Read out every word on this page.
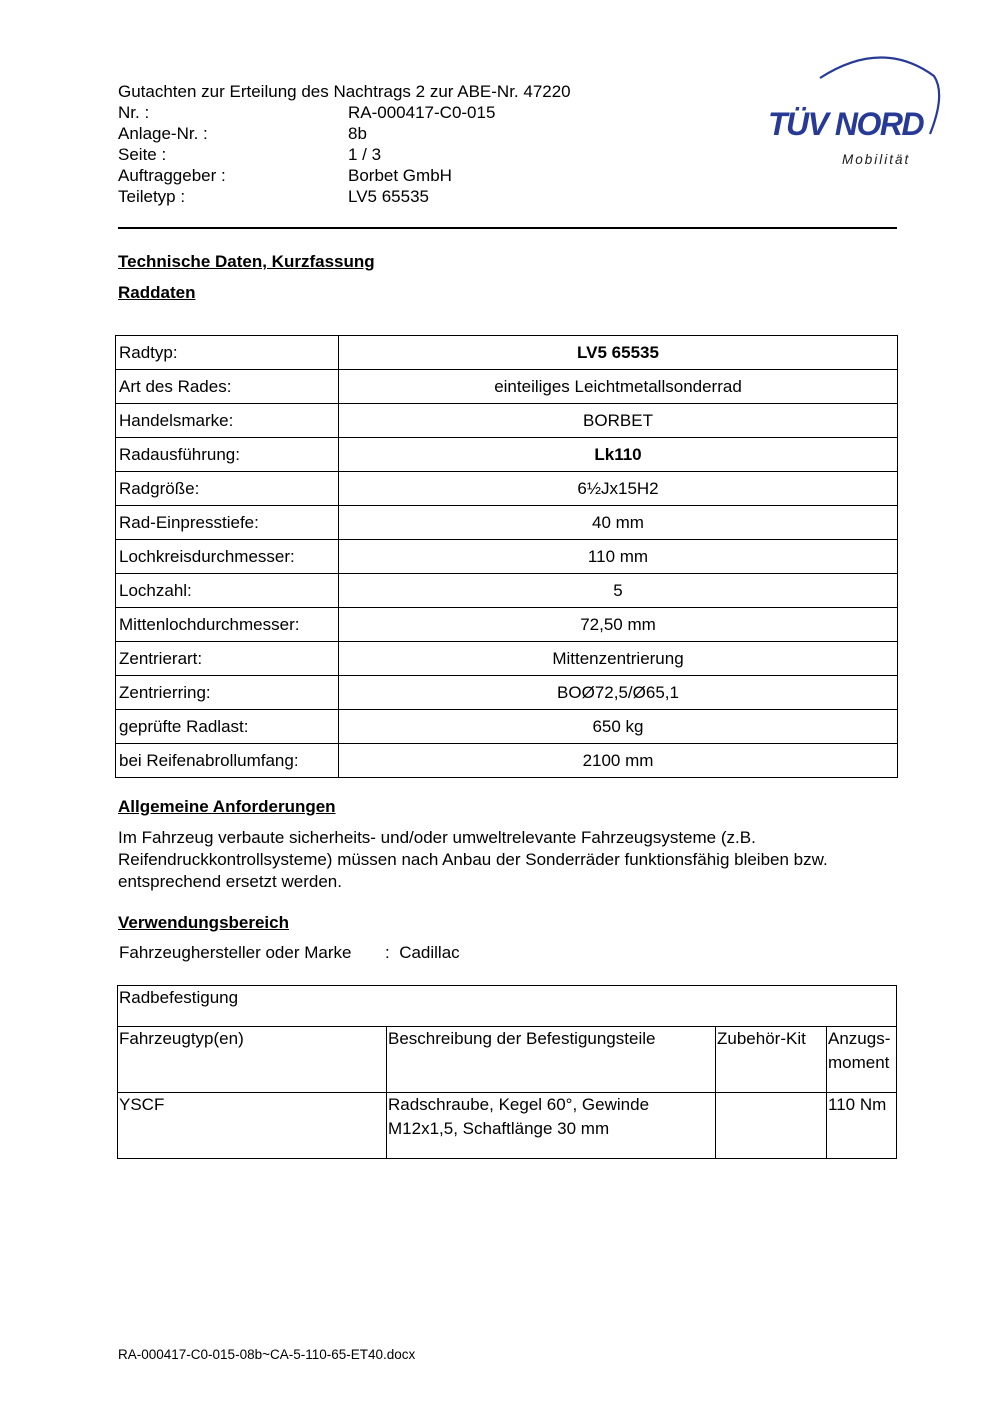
Gutachten zur Erteilung des Nachtrags 2 zur ABE-Nr. 47220
Nr. :	RA-000417-C0-015
Anlage-Nr. :	8b
Seite :	1 / 3
Auftraggeber :	Borbet GmbH
Teiletyp :	LV5 65535
TÜV NORD
Mobilität
Technische Daten, Kurzfassung
Raddaten
Radtyp:	LV5 65535
Art des Rades:	einteiliges Leichtmetallsonderrad
Handelsmarke:	BORBET
Radausführung:	Lk110
Radgröße:	6½Jx15H2
Rad-Einpresstiefe:	40 mm
Lochkreisdurchmesser:	110 mm
Lochzahl:	5
Mittenlochdurchmesser:	72,50 mm
Zentrierart:	Mittenzentrierung
Zentrierring:	BOØ72,5/Ø65,1
geprüfte Radlast:	650 kg
bei Reifenabrollumfang:	2100 mm
Allgemeine Anforderungen
Im Fahrzeug verbaute sicherheits- und/oder umweltrelevante Fahrzeugsysteme (z.B. Reifendruckkontrollsysteme) müssen nach Anbau der Sonderräder funktionsfähig bleiben bzw. entsprechend ersetzt werden.
Verwendungsbereich
Fahrzeughersteller oder Marke : Cadillac
Radbefestigung			
Fahrzeugtyp(en)	Beschreibung der Befestigungsteile	Zubehör-Kit	Anzugs-
moment
YSCF	Radschraube, Kegel 60°, Gewinde M12x1,5, Schaftlänge 30 mm		110 Nm
RA-000417-C0-015-08b~CA-5-110-65-ET40.docx
